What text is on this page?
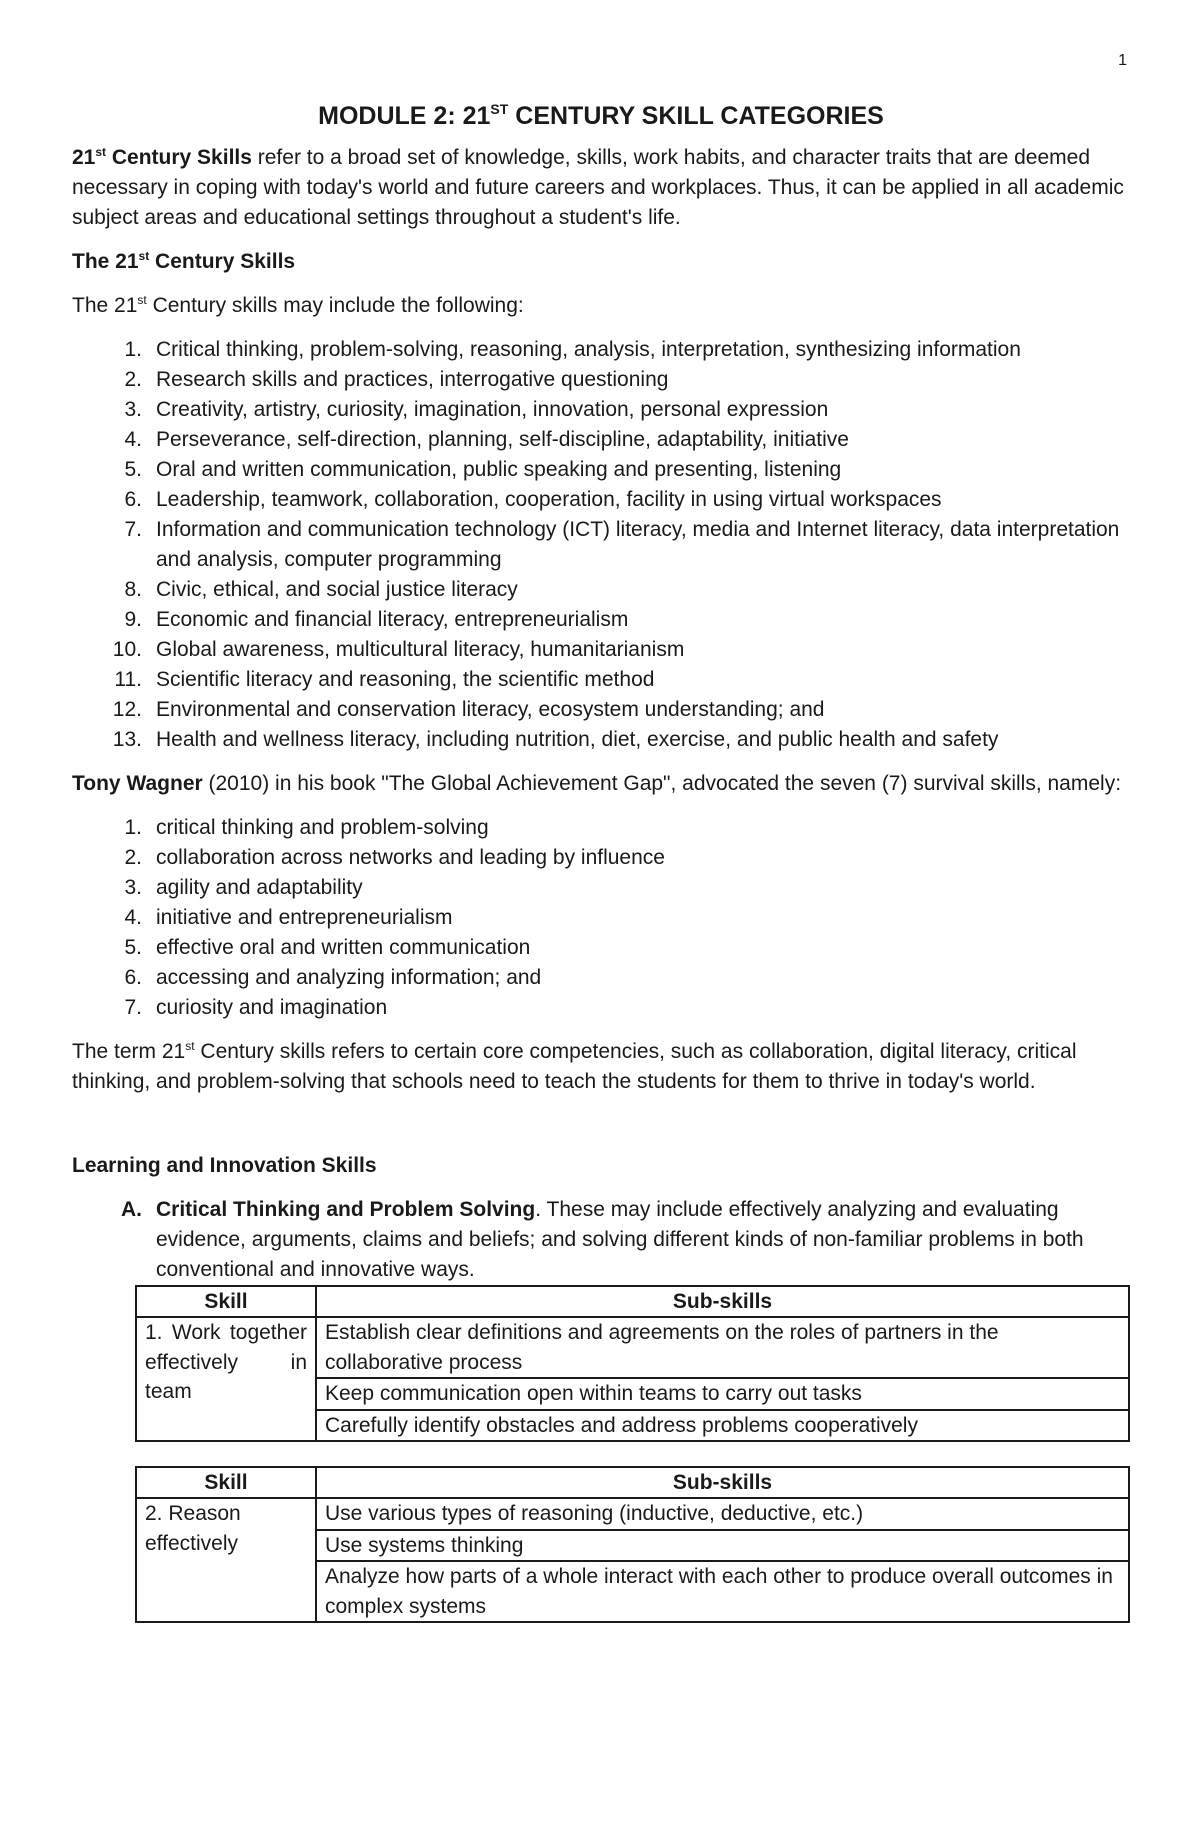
1
MODULE 2: 21ST CENTURY SKILL CATEGORIES

21st Century Skills refer to a broad set of knowledge, skills, work habits, and character traits that are deemed necessary in coping with today's world and future careers and workplaces. Thus, it can be applied in all academic subject areas and educational settings throughout a student's life.

The 21st Century Skills

The 21st Century skills may include the following:

1. Critical thinking, problem-solving, reasoning, analysis, interpretation, synthesizing information
2. Research skills and practices, interrogative questioning
3. Creativity, artistry, curiosity, imagination, innovation, personal expression
4. Perseverance, self-direction, planning, self-discipline, adaptability, initiative
5. Oral and written communication, public speaking and presenting, listening
6. Leadership, teamwork, collaboration, cooperation, facility in using virtual workspaces
7. Information and communication technology (ICT) literacy, media and Internet literacy, data interpretation and analysis, computer programming
8. Civic, ethical, and social justice literacy
9. Economic and financial literacy, entrepreneurialism
10. Global awareness, multicultural literacy, humanitarianism
11. Scientific literacy and reasoning, the scientific method
12. Environmental and conservation literacy, ecosystem understanding; and
13. Health and wellness literacy, including nutrition, diet, exercise, and public health and safety

Tony Wagner (2010) in his book "The Global Achievement Gap", advocated the seven (7) survival skills, namely:

1. critical thinking and problem-solving
2. collaboration across networks and leading by influence
3. agility and adaptability
4. initiative and entrepreneurialism
5. effective oral and written communication
6. accessing and analyzing information; and
7. curiosity and imagination

The term 21st Century skills refers to certain core competencies, such as collaboration, digital literacy, critical thinking, and problem-solving that schools need to teach the students for them to thrive in today's world.

Learning and Innovation Skills

A. Critical Thinking and Problem Solving. These may include effectively analyzing and evaluating evidence, arguments, claims and beliefs; and solving different kinds of non-familiar problems in both conventional and innovative ways.
Skill	Sub-skills
1. Work together effectively in team	Establish clear definitions and agreements on the roles of partners in the collaborative process
	Keep communication open within teams to carry out tasks
	Carefully identify obstacles and address problems cooperatively
Skill	Sub-skills
2. Reason effectively	Use various types of reasoning (inductive, deductive, etc.)
	Use systems thinking
	Analyze how parts of a whole interact with each other to produce overall outcomes in complex systems
